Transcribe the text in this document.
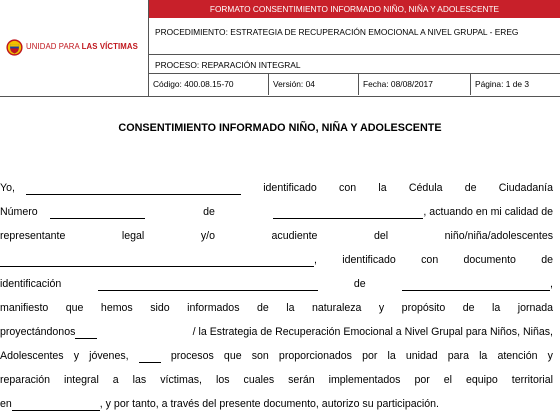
UNIDAD PARA LAS VÍCTIMAS
FORMATO CONSENTIMIENTO INFORMADO NIÑO, NIÑA Y ADOLESCENTE
PROCEDIMIENTO: ESTRATEGIA DE RECUPERACIÓN EMOCIONAL A NIVEL GRUPAL - EREG
PROCESO: REPARACIÓN INTEGRAL
Código: 400.08.15-70	Versión: 04	Fecha: 08/08/2017	Página: 1 de 3
CONSENTIMIENTO INFORMADO NIÑO, NIÑA Y ADOLESCENTE
Yo,	identificado con la Cédula de Ciudadanía
Número	de	, actuando en mi calidad de
representante	legal	y/o	acudiente	del	niño/niña/adolescentes
, identificado con documento de
identificación	de	,
manifiesto que hemos sido informados de la naturaleza y propósito de la jornada
proyectándonos	/ la Estrategia de Recuperación Emocional a Nivel Grupal para Niños, Niñas,
Adolescentes y jóvenes,	procesos que son proporcionados por la unidad para la atención y
reparación integral a las víctimas, los cuales serán implementados por el equipo territorial
en	, y por tanto, a través del presente documento, autorizo su participación.
